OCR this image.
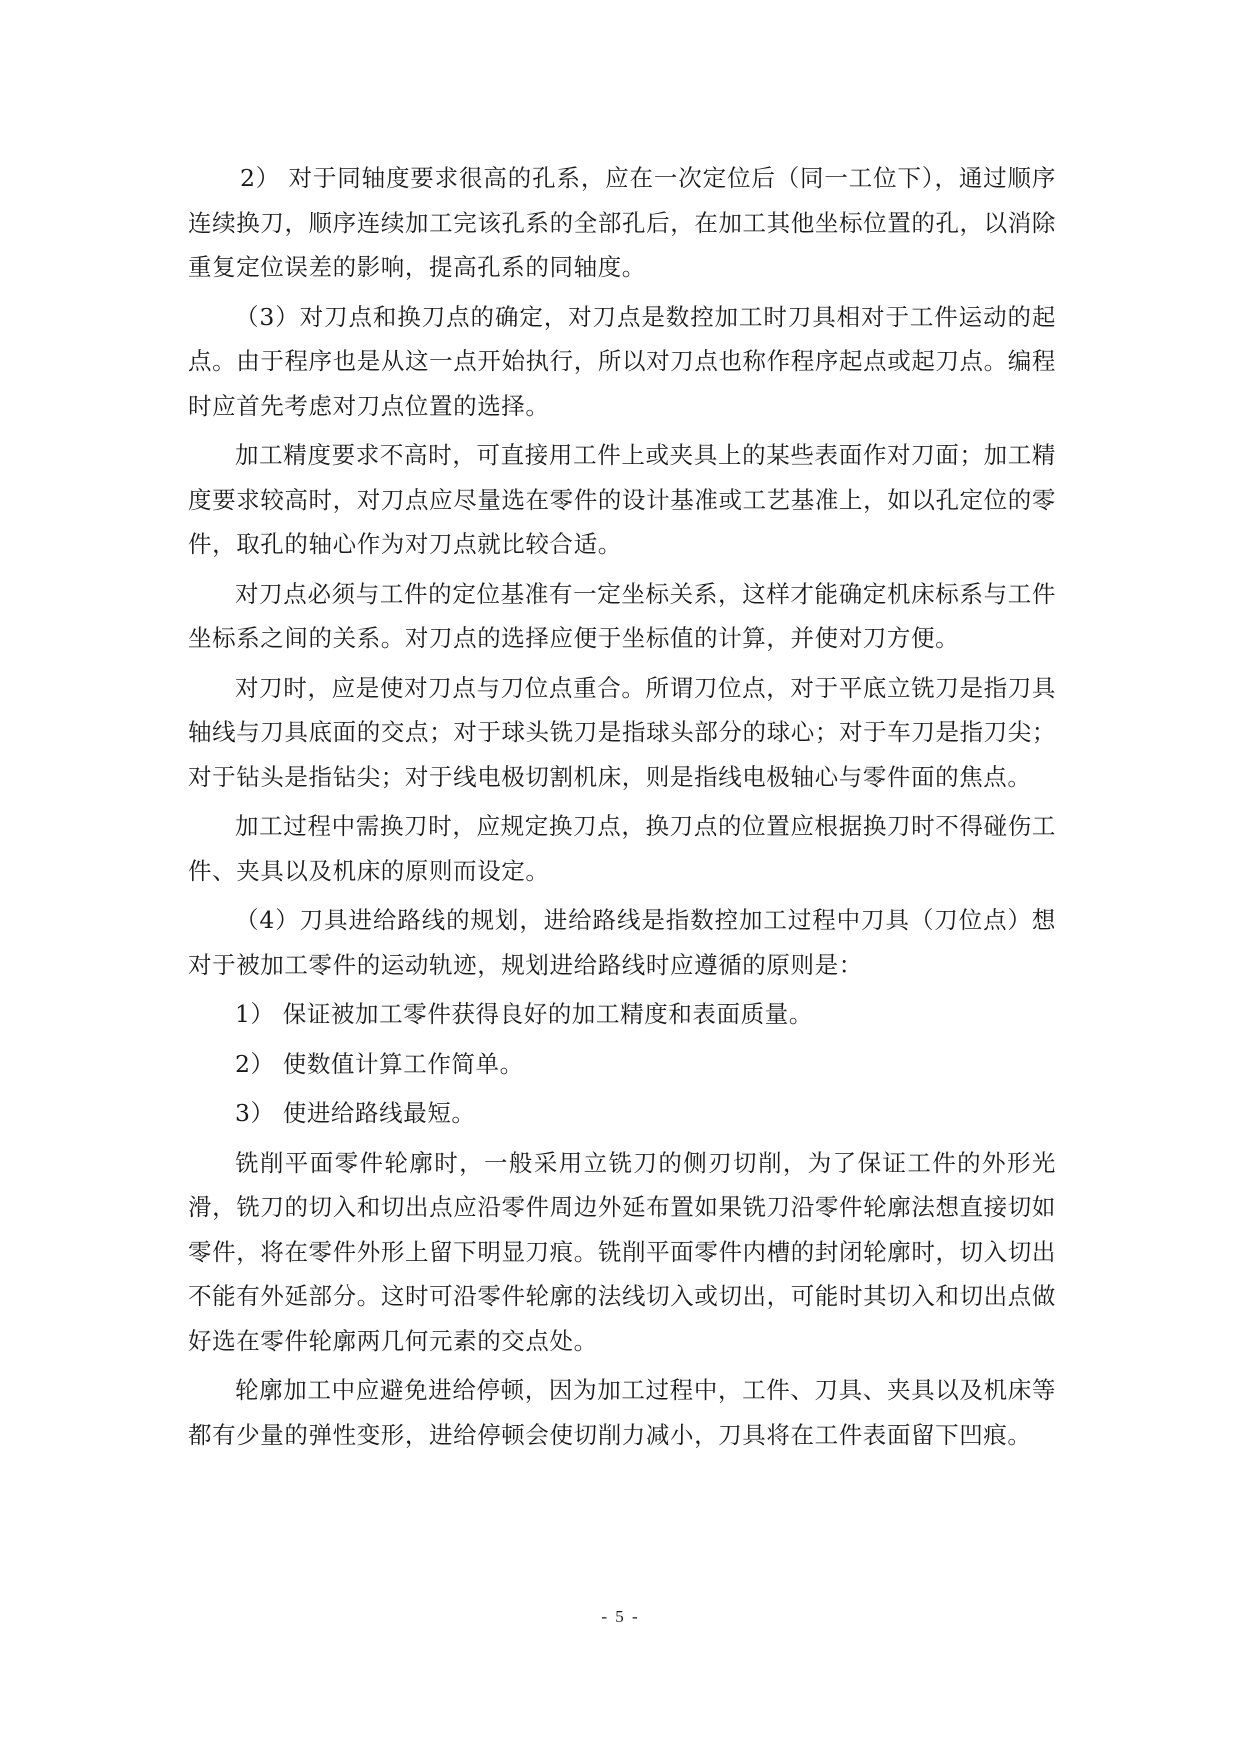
2） 对于同轴度要求很高的孔系，应在一次定位后（同一工位下），通过顺序连续换刀，顺序连续加工完该孔系的全部孔后，在加工其他坐标位置的孔，以消除重复定位误差的影响，提高孔系的同轴度。

（3）对刀点和换刀点的确定，对刀点是数控加工时刀具相对于工件运动的起点。由于程序也是从这一点开始执行，所以对刀点也称作程序起点或起刀点。编程时应首先考虑对刀点位置的选择。

加工精度要求不高时，可直接用工件上或夹具上的某些表面作对刀面；加工精度要求较高时，对刀点应尽量选在零件的设计基准或工艺基准上，如以孔定位的零件，取孔的轴心作为对刀点就比较合适。

对刀点必须与工件的定位基准有一定坐标关系，这样才能确定机床标系与工件坐标系之间的关系。对刀点的选择应便于坐标值的计算，并使对刀方便。

对刀时，应是使对刀点与刀位点重合。所谓刀位点，对于平底立铣刀是指刀具轴线与刀具底面的交点；对于球头铣刀是指球头部分的球心；对于车刀是指刀尖；对于钻头是指钻尖；对于线电极切割机床，则是指线电极轴心与零件面的焦点。

加工过程中需换刀时，应规定换刀点，换刀点的位置应根据换刀时不得碰伤工件、夹具以及机床的原则而设定。

（4）刀具进给路线的规划，进给路线是指数控加工过程中刀具（刀位点）想对于被加工零件的运动轨迹，规划进给路线时应遵循的原则是：

1） 保证被加工零件获得良好的加工精度和表面质量。

2） 使数值计算工作简单。

3） 使进给路线最短。

铣削平面零件轮廓时，一般采用立铣刀的侧刃切削，为了保证工件的外形光滑，铣刀的切入和切出点应沿零件周边外延布置如果铣刀沿零件轮廓法想直接切如零件，将在零件外形上留下明显刀痕。铣削平面零件内槽的封闭轮廓时，切入切出不能有外延部分。这时可沿零件轮廓的法线切入或切出，可能时其切入和切出点做好选在零件轮廓两几何元素的交点处。

轮廓加工中应避免进给停顿，因为加工过程中，工件、刀具、夹具以及机床等都有少量的弹性变形，进给停顿会使切削力减小，刀具将在工件表面留下凹痕。

- 5 -
